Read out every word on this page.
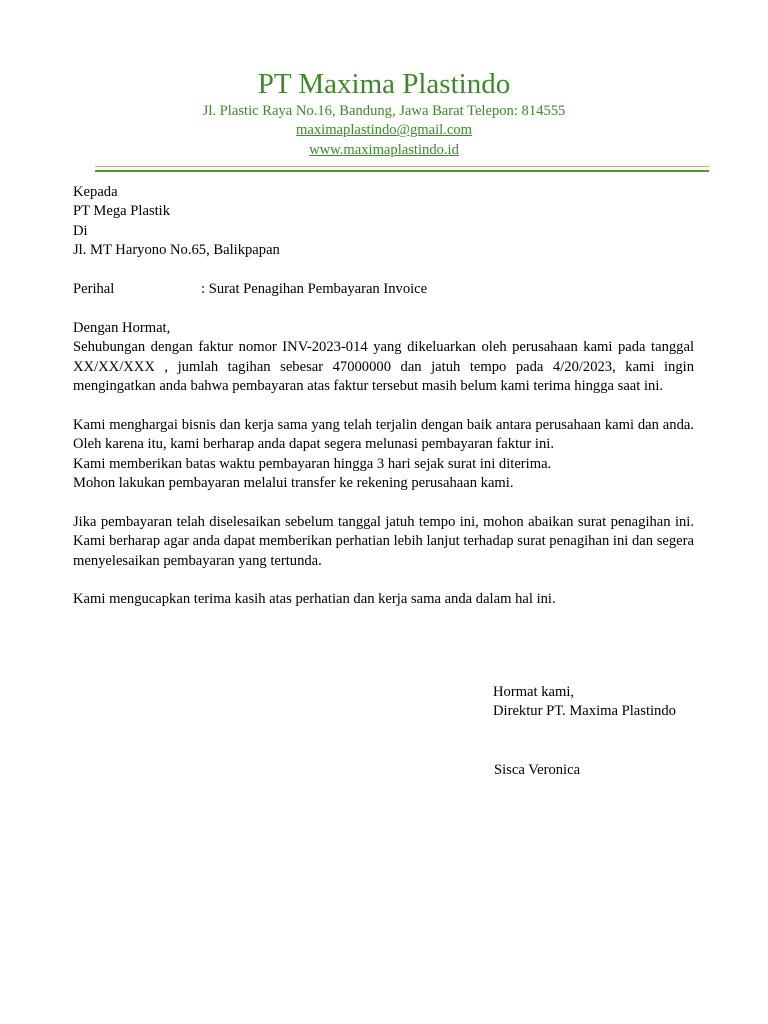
PT Maxima Plastindo
Jl. Plastic Raya No.16, Bandung, Jawa Barat Telepon: 814555
maximaplastindo@gmail.com
www.maximaplastindo.id
Kepada
PT Mega Plastik
Di
Jl. MT Haryono No.65, Balikpapan
Perihal	: Surat Penagihan Pembayaran Invoice
Dengan Hormat,

Sehubungan dengan faktur nomor INV-2023-014 yang dikeluarkan oleh perusahaan kami pada tanggal XX/XX/XXX , jumlah tagihan sebesar 47000000 dan jatuh tempo pada 4/20/2023, kami ingin mengingatkan anda bahwa pembayaran atas faktur tersebut masih belum kami terima hingga saat ini.

Kami menghargai bisnis dan kerja sama yang telah terjalin dengan baik antara perusahaan kami dan anda. Oleh karena itu, kami berharap anda dapat segera melunasi pembayaran faktur ini.

Kami memberikan batas waktu pembayaran hingga 3 hari sejak surat ini diterima.
Mohon lakukan pembayaran melalui transfer ke rekening perusahaan kami.

Jika pembayaran telah diselesaikan sebelum tanggal jatuh tempo ini, mohon abaikan surat penagihan ini. Kami berharap agar anda dapat memberikan perhatian lebih lanjut terhadap surat penagihan ini dan segera menyelesaikan pembayaran yang tertunda.

Kami mengucapkan terima kasih atas perhatian dan kerja sama anda dalam hal ini.
Hormat kami,
Direktur PT. Maxima Plastindo
Sisca Veronica
